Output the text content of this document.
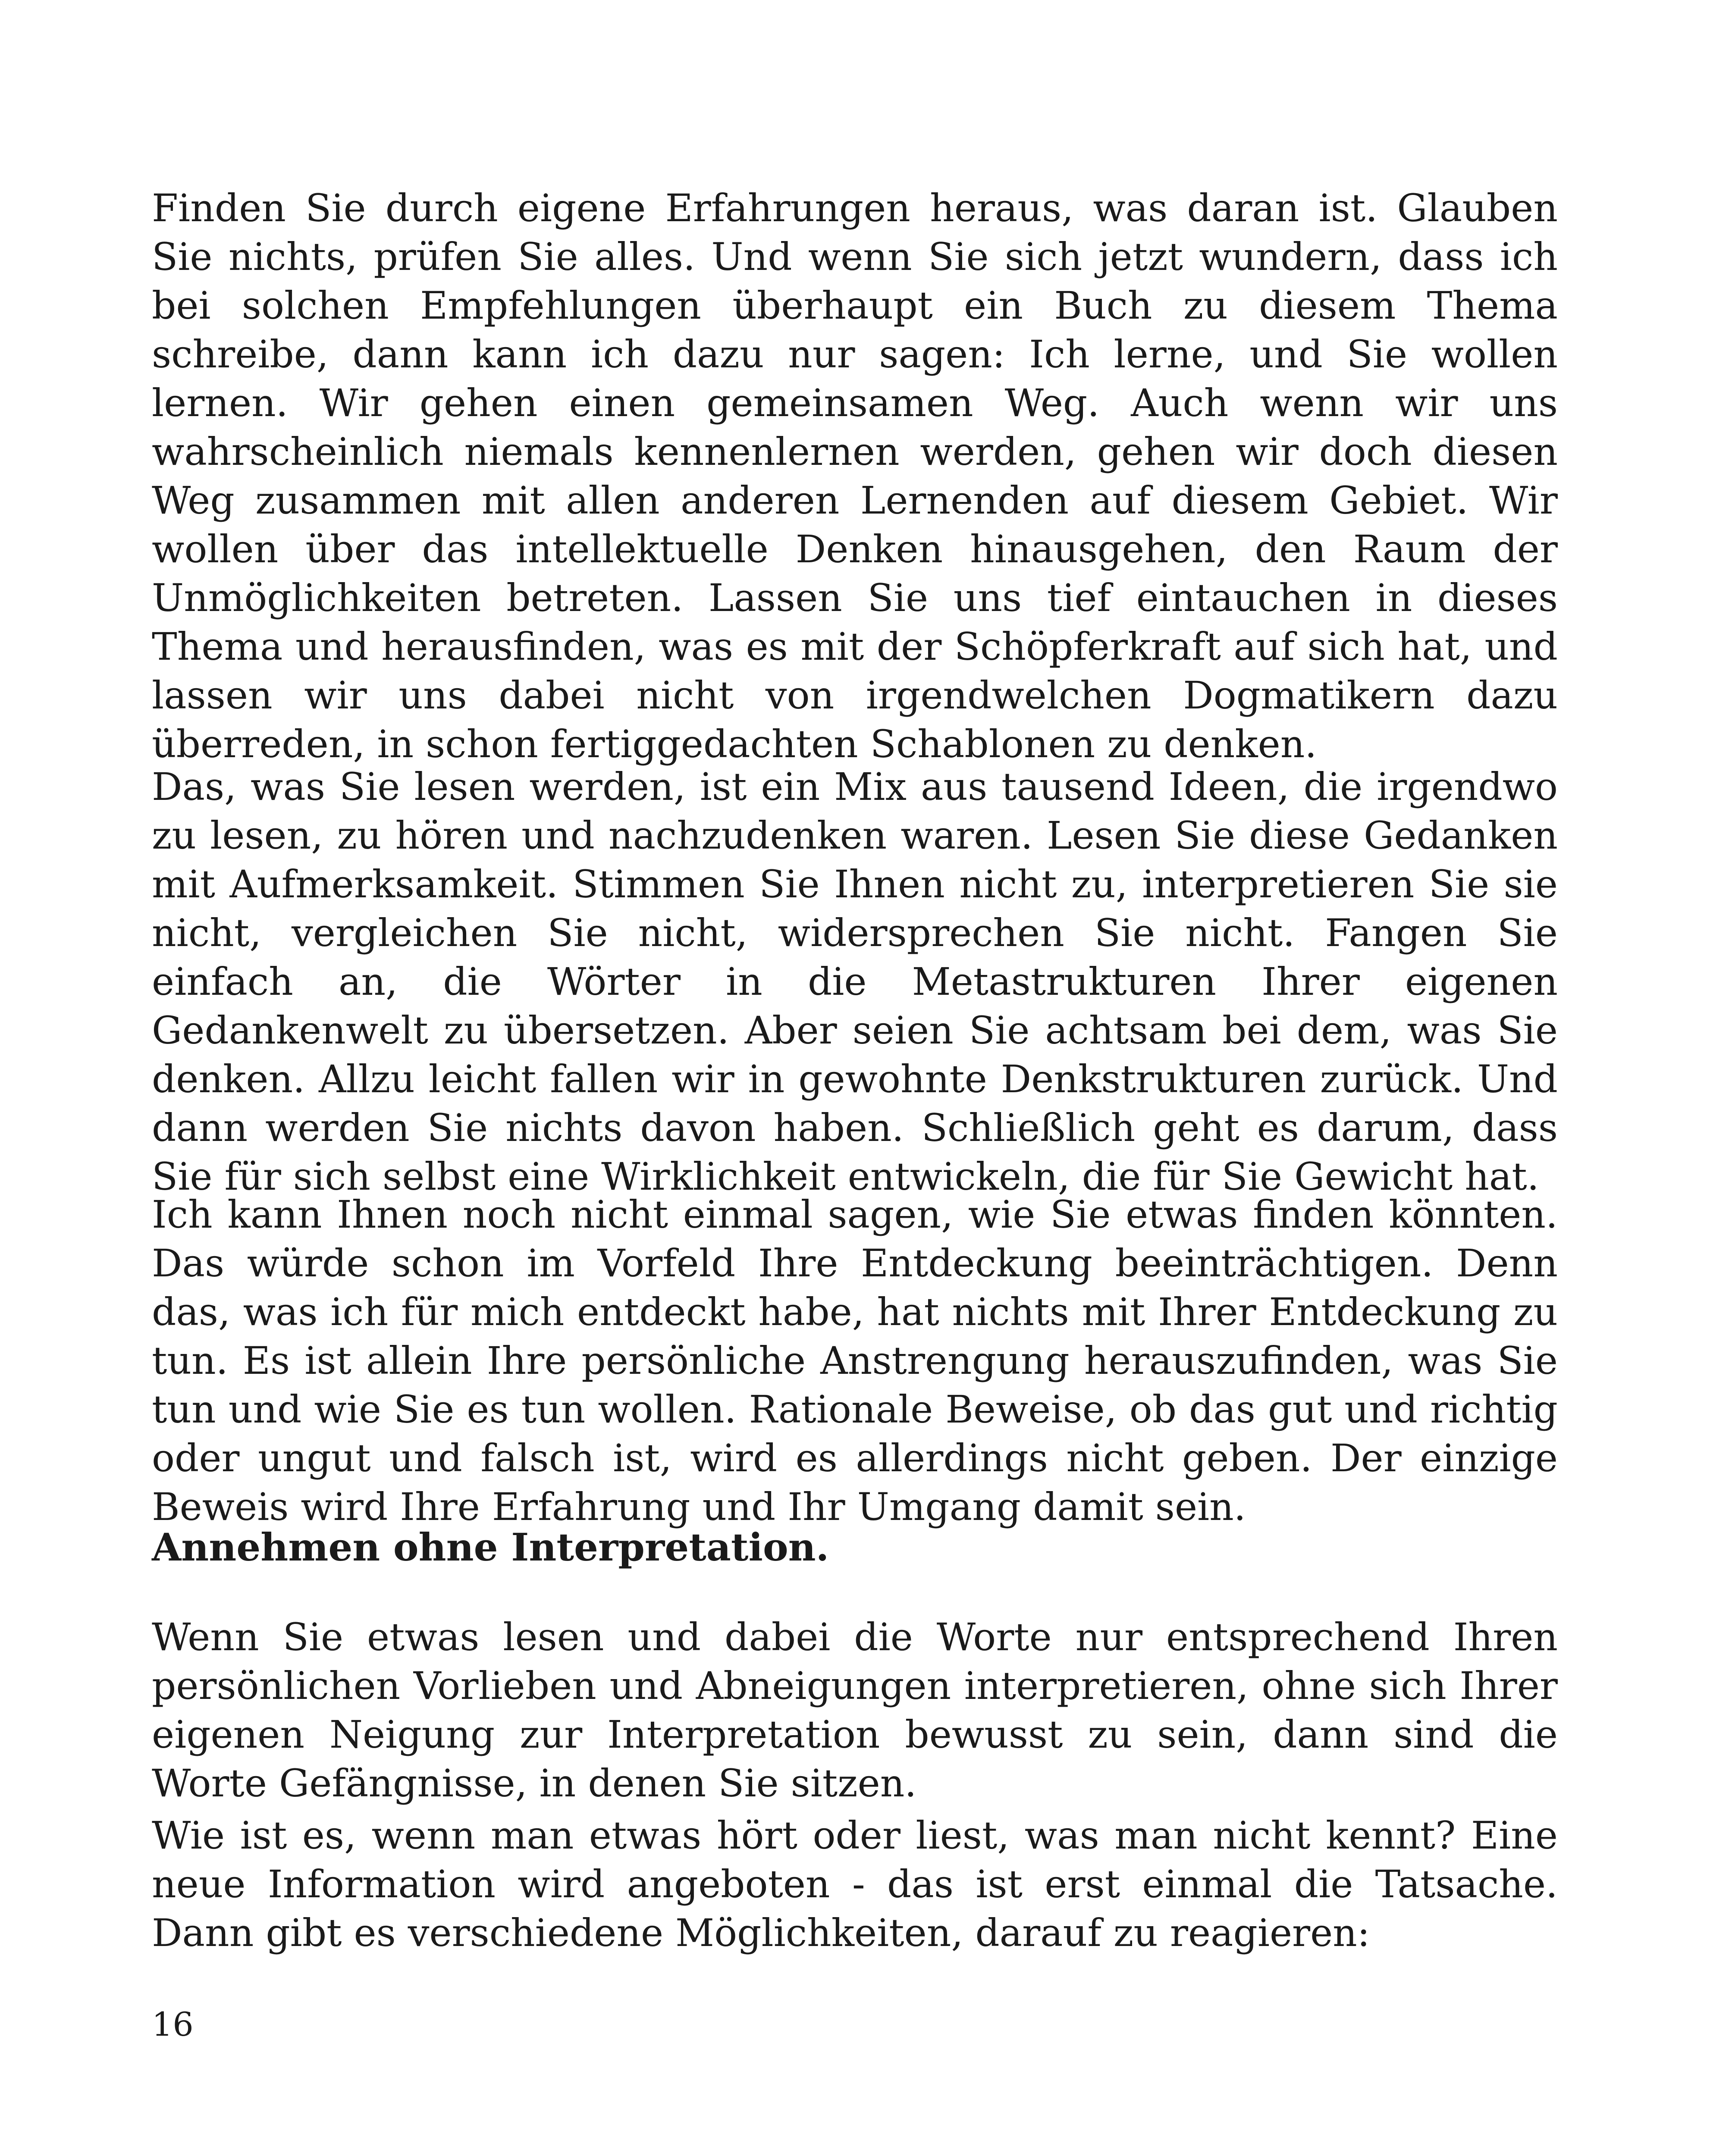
Finden Sie durch eigene Erfahrungen heraus, was daran ist. Glauben Sie nichts, prüfen Sie alles. Und wenn Sie sich jetzt wundern, dass ich bei solchen Empfehlungen überhaupt ein Buch zu diesem Thema schreibe, dann kann ich dazu nur sagen: Ich lerne, und Sie wollen lernen. Wir gehen einen gemeinsamen Weg. Auch wenn wir uns wahrscheinlich niemals kennenlernen werden, gehen wir doch diesen Weg zusammen mit allen anderen Lernenden auf diesem Gebiet. Wir wollen über das intellektuelle Denken hinausgehen, den Raum der Unmöglichkeiten betreten. Lassen Sie uns tief eintauchen in dieses Thema und herausfinden, was es mit der Schöpferkraft auf sich hat, und lassen wir uns dabei nicht von irgendwelchen Dogmatikern dazu überreden, in schon fertiggedachten Schablonen zu denken.

Das, was Sie lesen werden, ist ein Mix aus tausend Ideen, die irgendwo zu lesen, zu hören und nachzudenken waren. Lesen Sie diese Gedanken mit Aufmerksamkeit. Stimmen Sie Ihnen nicht zu, interpretieren Sie sie nicht, vergleichen Sie nicht, widersprechen Sie nicht. Fangen Sie einfach an, die Wörter in die Metastrukturen Ihrer eigenen Gedankenwelt zu übersetzen. Aber seien Sie achtsam bei dem, was Sie denken. Allzu leicht fallen wir in gewohnte Denkstrukturen zurück. Und dann werden Sie nichts davon haben. Schließlich geht es darum, dass Sie für sich selbst eine Wirklichkeit entwickeln, die für Sie Gewicht hat.

Ich kann Ihnen noch nicht einmal sagen, wie Sie etwas finden könnten. Das würde schon im Vorfeld Ihre Entdeckung beeinträchtigen. Denn das, was ich für mich entdeckt habe, hat nichts mit Ihrer Entdeckung zu tun. Es ist allein Ihre persönliche Anstrengung herauszufinden, was Sie tun und wie Sie es tun wollen. Rationale Beweise, ob das gut und richtig oder ungut und falsch ist, wird es allerdings nicht geben. Der einzige Beweis wird Ihre Erfahrung und Ihr Umgang damit sein.

Annehmen ohne Interpretation.

Wenn Sie etwas lesen und dabei die Worte nur entsprechend Ihren persönlichen Vorlieben und Abneigungen interpretieren, ohne sich Ihrer eigenen Neigung zur Interpretation bewusst zu sein, dann sind die Worte Gefängnisse, in denen Sie sitzen.

Wie ist es, wenn man etwas hört oder liest, was man nicht kennt? Eine neue Information wird angeboten - das ist erst einmal die Tatsache. Dann gibt es verschiedene Möglichkeiten, darauf zu reagieren:

16
